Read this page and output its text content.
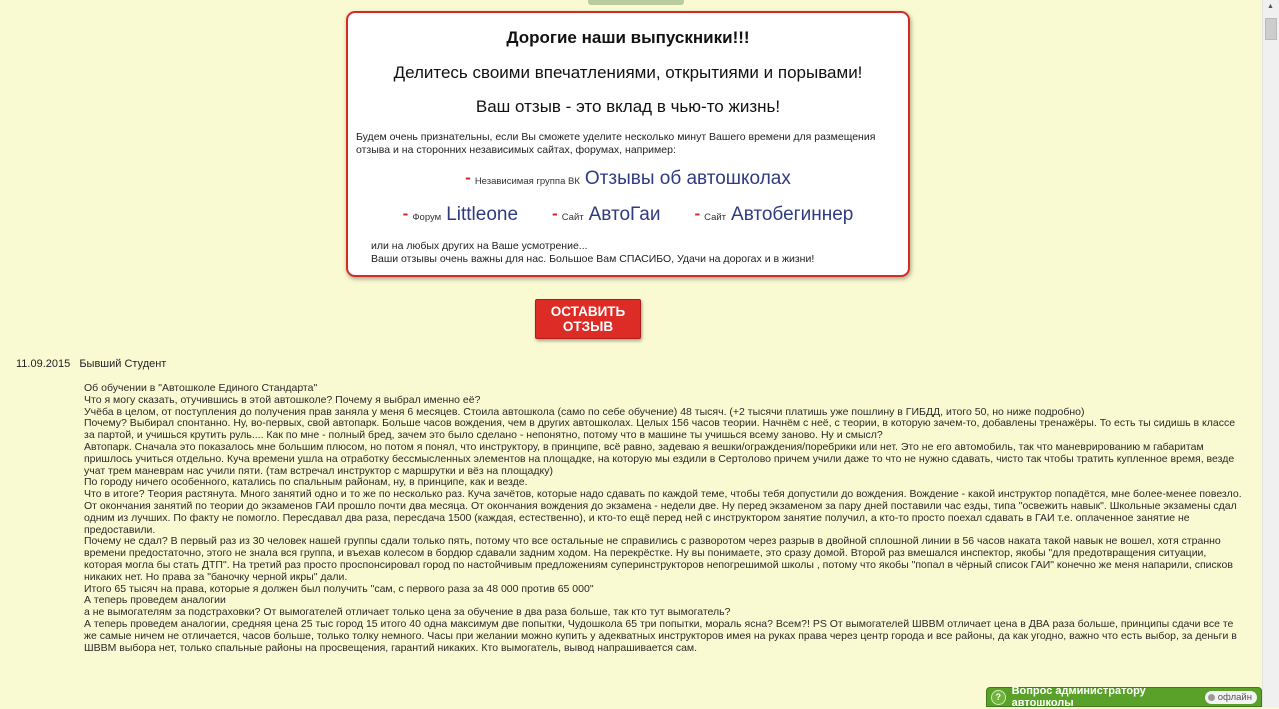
Дорогие наши выпускники!!!
Делитесь своими впечатлениями, открытиями и порывами!
Ваш отзыв - это вклад в чью-то жизнь!
Будем очень признательны, если Вы сможете уделите несколько минут Вашего времени для размещения отзыва и на сторонних независимых сайтах, форумах, например:
- Независимая группа ВК Отзывы об автошколах
- Форум Littleone - Сайт АвтоГаи - Сайт Автобегиннер
или на любых других на Ваше усмотрение...
Ваши отзывы очень важны для нас. Большое Вам СПАСИБО, Удачи на дорогах и в жизни!
ОСТАВИТЬ
ОТЗЫВ
11.09.2015 Бывший Студент

Об обучении в "Автошколе Единого Стандарта"

Что я могу сказать, отучившись в этой автошколе? Почему я выбрал именно её?

Учёба в целом, от поступления до получения прав заняла у меня 6 месяцев. Стоила автошкола (само по себе обучение) 48 тысяч. (+2 тысячи платишь уже пошлину в ГИБДД, итого 50, но ниже подробно)

Почему? Выбирал спонтанно. Ну, во-первых, свой автопарк. Больше часов вождения, чем в других автошколах. Целых 156 часов теории. Начнём с неё, с теории, в которую зачем-то, добавлены тренажёры. То есть ты сидишь в классе за партой, и учишься крутить руль.... Как по мне - полный бред, зачем это было сделано - непонятно, потому что в машине ты учишься всему заново. Ну и смысл?

Автопарк. Сначала это показалось мне большим плюсом, но потом я понял, что инструктору, в принципе, всё равно, задеваю я вешки/ограждения/поребрики или нет. Это не его автомобиль, так что маневрированию м габаритам пришлось учиться отдельно. Куча времени ушла на отработку бессмысленных элементов на площадке, на которую мы ездили в Сертолово причем учили даже то что не нужно сдавать, чисто так чтобы тратить купленное время, везде учат трем маневрам нас учили пяти. (там встречал инструктор с маршрутки и вёз на площадку)

По городу ничего особенного, катались по спальным районам, ну, в принципе, как и везде.

Что в итоге? Теория растянута. Много занятий одно и то же по несколько раз. Куча зачётов, которые надо сдавать по каждой теме, чтобы тебя допустили до вождения. Вождение - какой инструктор попадётся, мне более-менее повезло.

От окончания занятий по теории до экзаменов ГАИ прошло почти два месяца. От окончания вождения до экзамена - недели две. Ну перед экзаменом за пару дней поставили час езды, типа "освежить навык". Школьные экзамены сдал одним из лучших. По факту не помогло. Пересдавал два раза, пересдача 1500 (каждая, естественно), и кто-то ещё перед ней с инструктором занятие получил, а кто-то просто поехал сдавать в ГАИ т.е. оплаченное занятие не предоставили.

Почему не сдал? В первый раз из 30 человек нашей группы сдали только пять, потому что все остальные не справились с разворотом через разрыв в двойной сплошной линии в 56 часов наката такой навык не вошел, хотя странно времени предостаточно, этого не знала вся группа, и въехав колесом в бордюр сдавали задним ходом. На перекрёстке. Ну вы понимаете, это сразу домой. Второй раз вмешался инспектор, якобы "для предотвращения ситуации, которая могла бы стать ДТП". На третий раз просто проспонсировал город по настойчивым предложениям суперинструкторов непогрешимой школы , потому что якобы "попал в чёрный список ГАИ" конечно же меня напарили, списков никаких нет. Но права за "баночку черной икры" дали.

Итого 65 тысяч на права, которые я должен был получить "сам, с первого раза за 48 000 против 65 000"

А теперь проведем аналогии

а не вымогателям за подстраховки? От вымогателей отличает только цена за обучение в два раза больше, так кто тут вымогатель?

А теперь проведем аналогии, средняя цена 25 тыс город 15 итого 40 одна максимум две попытки, Чудошкола 65 три попытки, мораль ясна? Всем?! PS От вымогателей ШВВМ отличает цена в ДВА раза больше, принципы сдачи все те же самые ничем не отличается, часов больше, только толку немного. Часы при желании можно купить у адекватных инструкторов имея на руках права через центр города и все районы, да как угодно, важно что есть выбор, за деньги в ШВВМ выбора нет, только спальные районы на просвещения, гарантий никаких. Кто вымогатель, вывод напрашивается сам.

▲
? Вопрос администратору автошколы	офлайн
